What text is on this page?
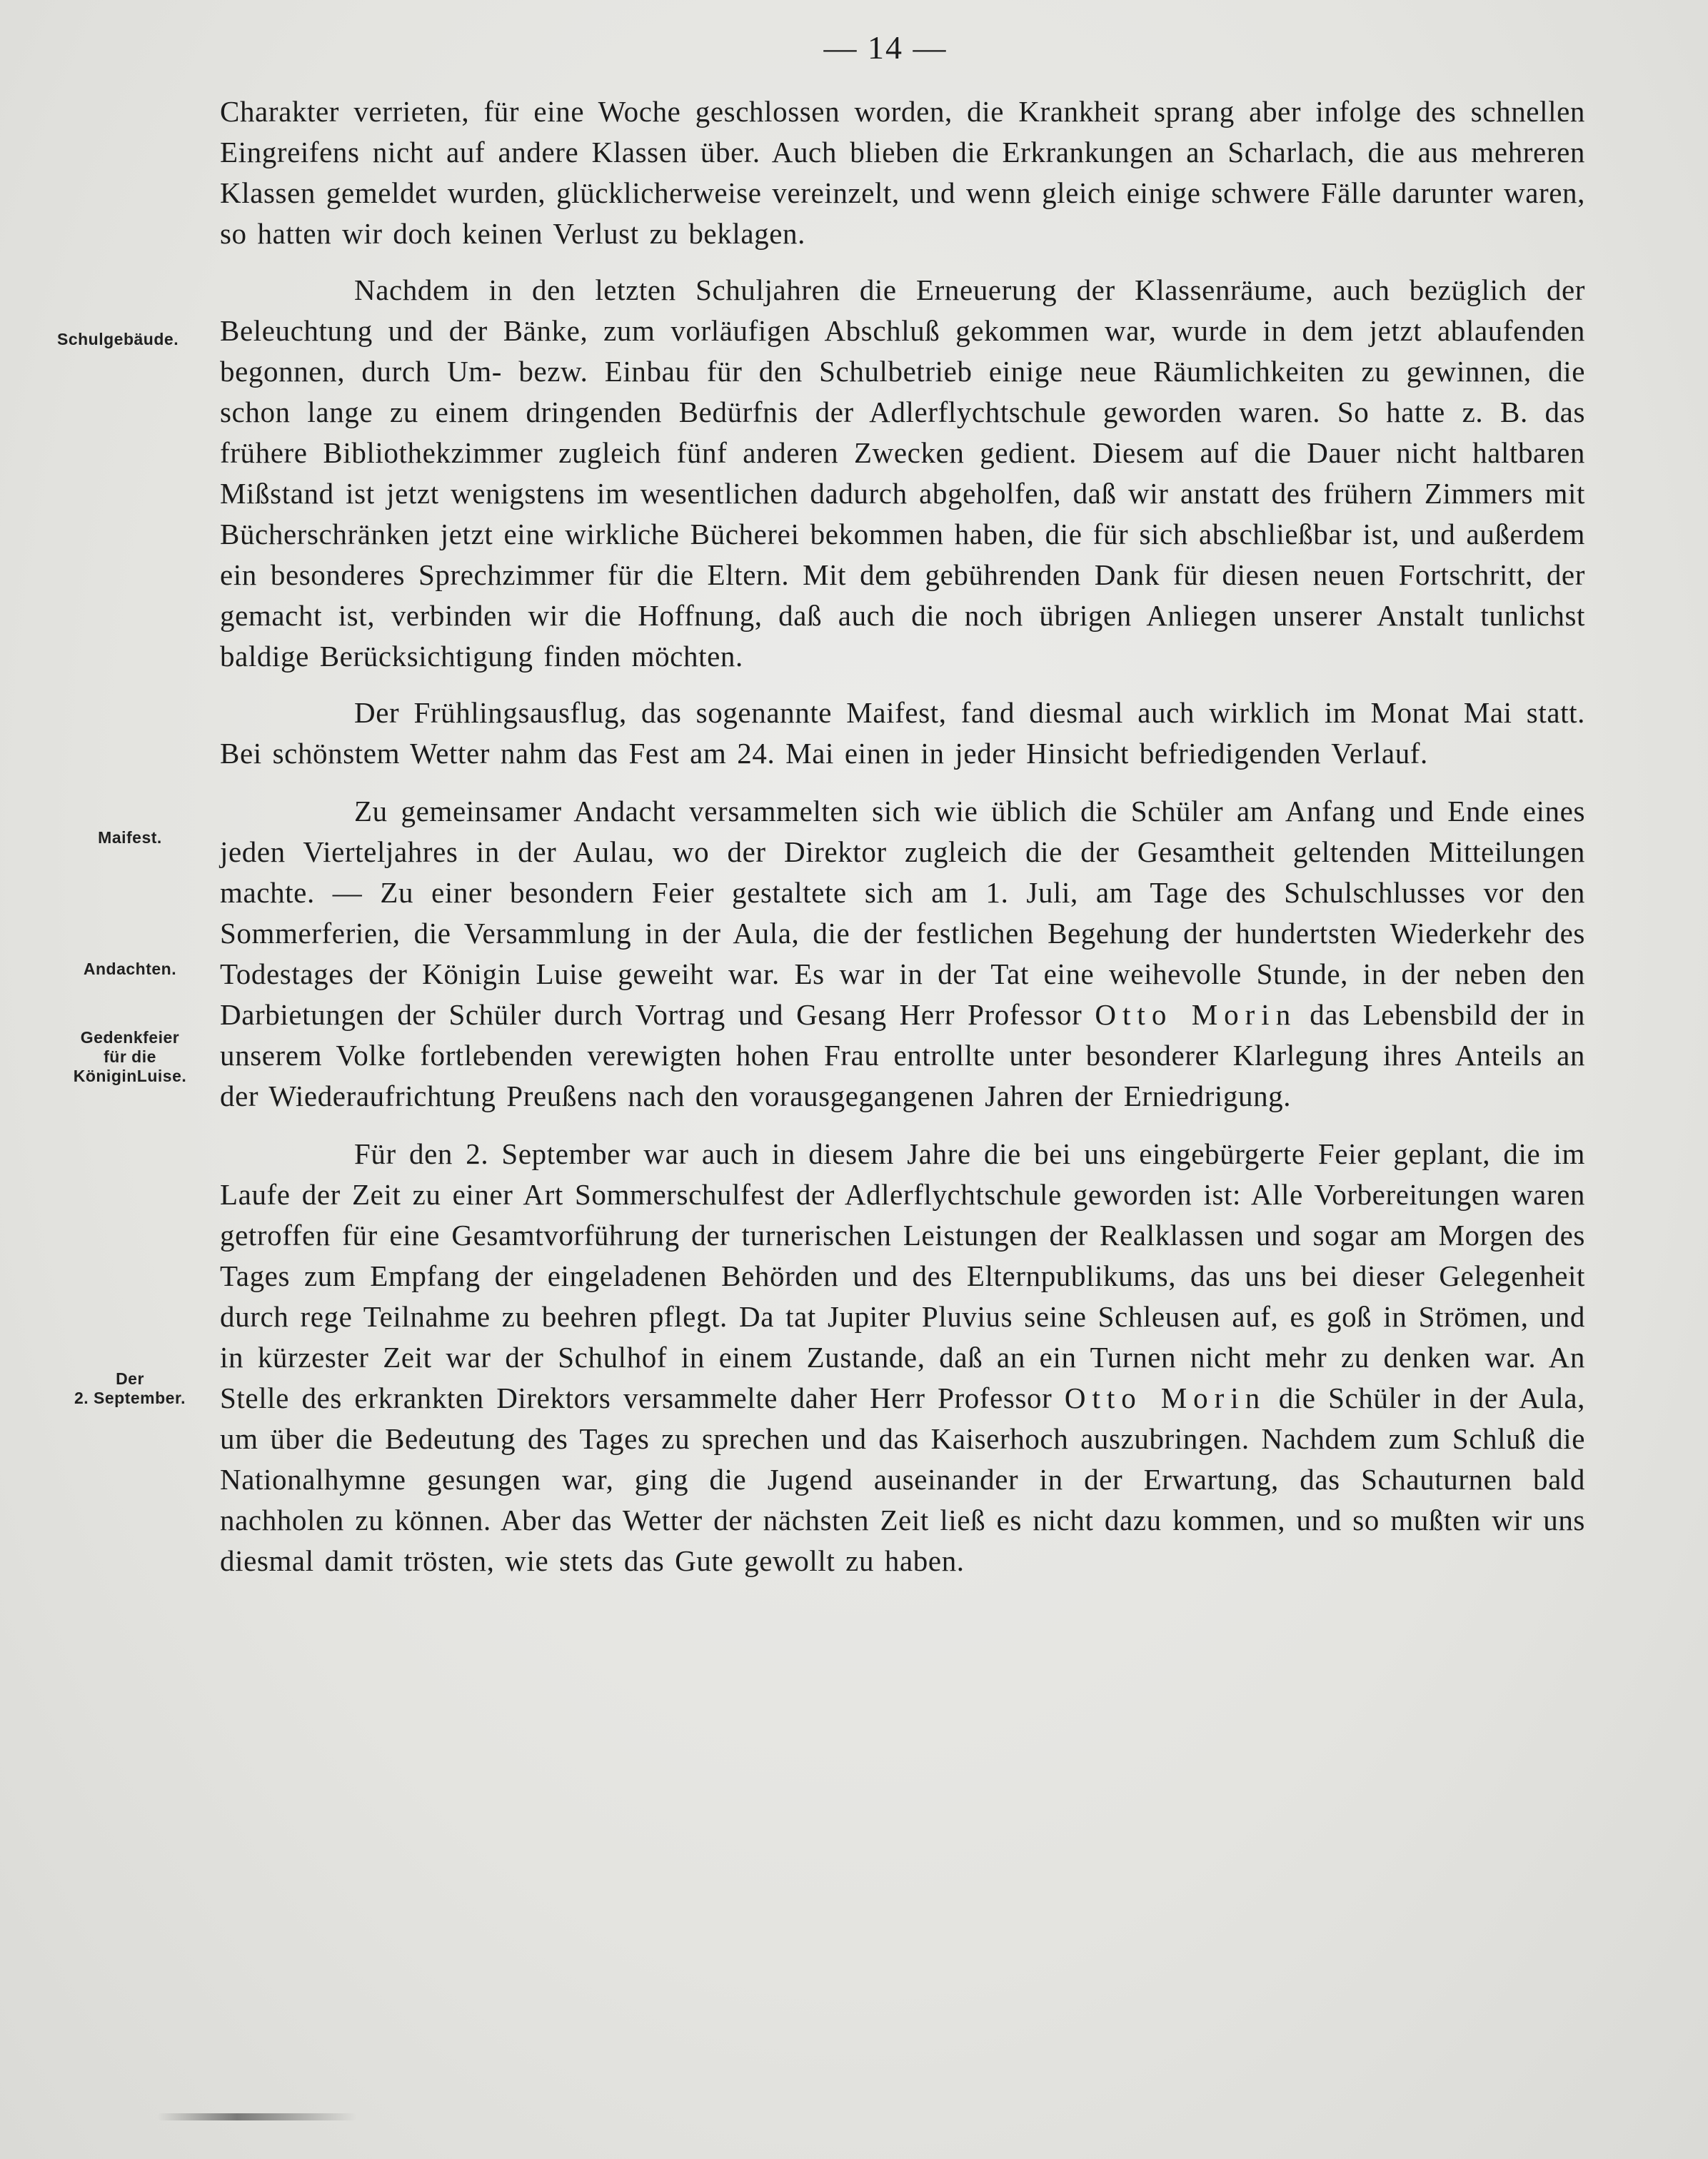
— 14 —
Schulgebäude.
Maifest.
Andachten.
Gedenkfeier
für die
KöniginLuise.
Der
2. September.

Charakter verrieten, für eine Woche geschlossen worden, die Krankheit sprang aber infolge des schnellen Eingreifens nicht auf andere Klassen über. Auch blieben die Erkrankungen an Scharlach, die aus mehreren Klassen gemeldet wurden, glücklicherweise vereinzelt, und wenn gleich einige schwere Fälle darunter waren, so hatten wir doch keinen Verlust zu beklagen.

Nachdem in den letzten Schuljahren die Erneuerung der Klassenräume, auch bezüglich der Beleuchtung und der Bänke, zum vorläufigen Abschluß gekommen war, wurde in dem jetzt ablaufenden begonnen, durch Um- bezw. Einbau für den Schulbetrieb einige neue Räumlichkeiten zu gewinnen, die schon lange zu einem dringenden Bedürfnis der Adlerflychtschule geworden waren. So hatte z. B. das frühere Bibliothekzimmer zugleich fünf anderen Zwecken gedient. Diesem auf die Dauer nicht haltbaren Mißstand ist jetzt wenigstens im wesentlichen dadurch abgeholfen, daß wir anstatt des frühern Zimmers mit Bücherschränken jetzt eine wirkliche Bücherei bekommen haben, die für sich abschließbar ist, und außerdem ein besonderes Sprechzimmer für die Eltern. Mit dem gebührenden Dank für diesen neuen Fortschritt, der gemacht ist, verbinden wir die Hoffnung, daß auch die noch übrigen Anliegen unserer Anstalt tunlichst baldige Berücksichtigung finden möchten.

Der Frühlingsausflug, das sogenannte Maifest, fand diesmal auch wirklich im Monat Mai statt. Bei schönstem Wetter nahm das Fest am 24. Mai einen in jeder Hinsicht befriedigenden Verlauf.

Zu gemeinsamer Andacht versammelten sich wie üblich die Schüler am Anfang und Ende eines jeden Vierteljahres in der Aulau, wo der Direktor zugleich die der Gesamtheit geltenden Mitteilungen machte. — Zu einer besondern Feier gestaltete sich am 1. Juli, am Tage des Schulschlusses vor den Sommerferien, die Versammlung in der Aula, die der festlichen Begehung der hundertsten Wiederkehr des Todestages der Königin Luise geweiht war. Es war in der Tat eine weihevolle Stunde, in der neben den Darbietungen der Schüler durch Vortrag und Gesang Herr Professor Otto Morin das Lebensbild der in unserem Volke fortlebenden verewigten hohen Frau entrollte unter besonderer Klarlegung ihres Anteils an der Wiederaufrichtung Preußens nach den vorausgegangenen Jahren der Erniedrigung.

Für den 2. September war auch in diesem Jahre die bei uns eingebürgerte Feier geplant, die im Laufe der Zeit zu einer Art Sommerschulfest der Adlerflychtschule geworden ist: Alle Vorbereitungen waren getroffen für eine Gesamtvorführung der turnerischen Leistungen der Realklassen und sogar am Morgen des Tages zum Empfang der eingeladenen Behörden und des Elternpublikums, das uns bei dieser Gelegenheit durch rege Teilnahme zu beehren pflegt. Da tat Jupiter Pluvius seine Schleusen auf, es goß in Strömen, und in kürzester Zeit war der Schulhof in einem Zustande, daß an ein Turnen nicht mehr zu denken war. An Stelle des erkrankten Direktors versammelte daher Herr Professor Otto Morin die Schüler in der Aula, um über die Bedeutung des Tages zu sprechen und das Kaiserhoch auszubringen. Nachdem zum Schluß die Nationalhymne gesungen war, ging die Jugend auseinander in der Erwartung, das Schauturnen bald nachholen zu können. Aber das Wetter der nächsten Zeit ließ es nicht dazu kommen, und so mußten wir uns diesmal damit trösten, wie stets das Gute gewollt zu haben.
